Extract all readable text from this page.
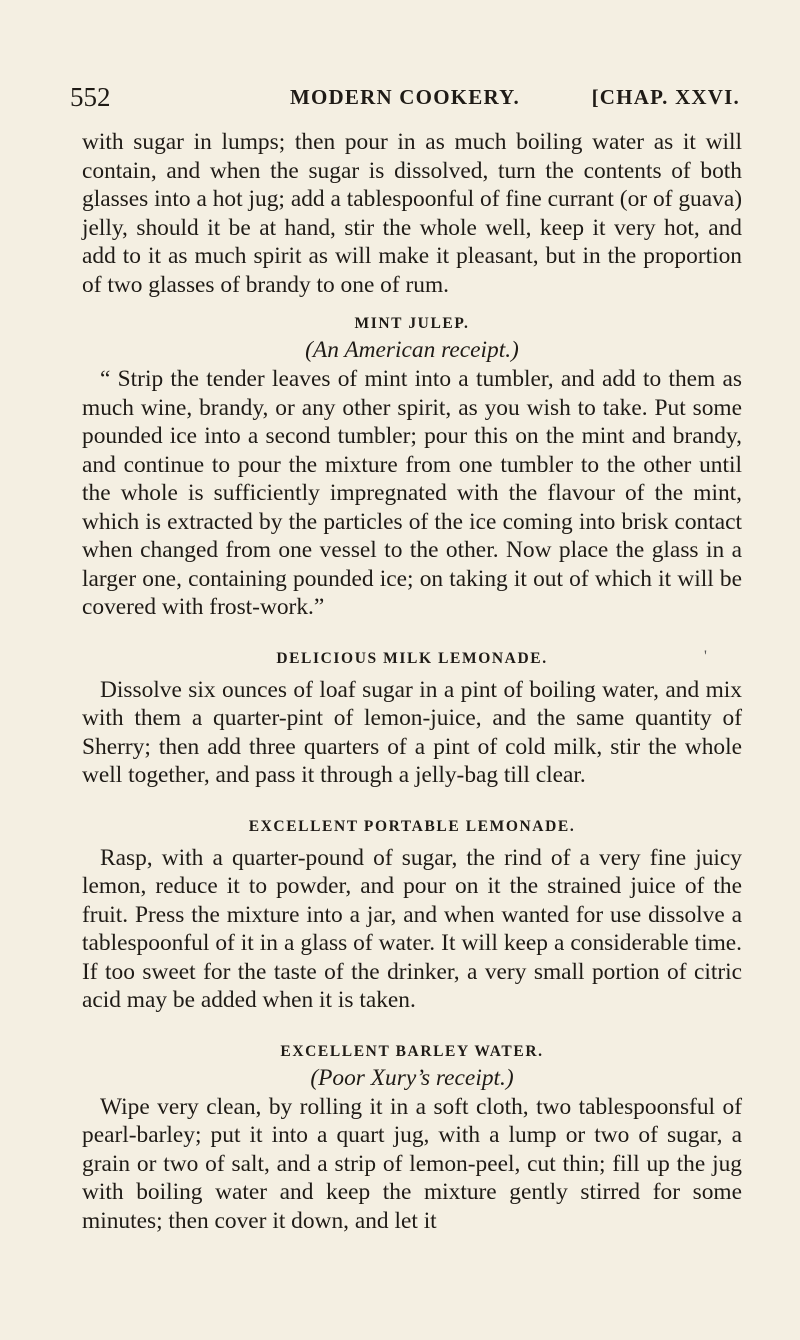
552	MODERN COOKERY.	[CHAP. XXVI.

with sugar in lumps; then pour in as much boiling water as it will contain, and when the sugar is dissolved, turn the contents of both glasses into a hot jug; add a tablespoonful of fine currant (or of guava) jelly, should it be at hand, stir the whole well, keep it very hot, and add to it as much spirit as will make it pleasant, but in the proportion of two glasses of brandy to one of rum.

MINT JULEP.
(An American receipt.)

“ Strip the tender leaves of mint into a tumbler, and add to them as much wine, brandy, or any other spirit, as you wish to take. Put some pounded ice into a second tumbler; pour this on the mint and brandy, and continue to pour the mixture from one tumbler to the other until the whole is sufficiently impregnated with the flavour of the mint, which is extracted by the particles of the ice coming into brisk contact when changed from one vessel to the other. Now place the glass in a larger one, containing pounded ice; on taking it out of which it will be covered with frost-work.”

DELICIOUS MILK LEMONADE.

Dissolve six ounces of loaf sugar in a pint of boiling water, and mix with them a quarter-pint of lemon-juice, and the same quantity of Sherry; then add three quarters of a pint of cold milk, stir the whole well together, and pass it through a jelly-bag till clear.

EXCELLENT PORTABLE LEMONADE.

Rasp, with a quarter-pound of sugar, the rind of a very fine juicy lemon, reduce it to powder, and pour on it the strained juice of the fruit. Press the mixture into a jar, and when wanted for use dissolve a tablespoonful of it in a glass of water. It will keep a considerable time. If too sweet for the taste of the drinker, a very small portion of citric acid may be added when it is taken.

EXCELLENT BARLEY WATER.
(Poor Xury’s receipt.)

Wipe very clean, by rolling it in a soft cloth, two tablespoonsful of pearl-barley; put it into a quart jug, with a lump or two of sugar, a grain or two of salt, and a strip of lemon-peel, cut thin; fill up the jug with boiling water and keep the mixture gently stirred for some minutes; then cover it down, and let it

'
